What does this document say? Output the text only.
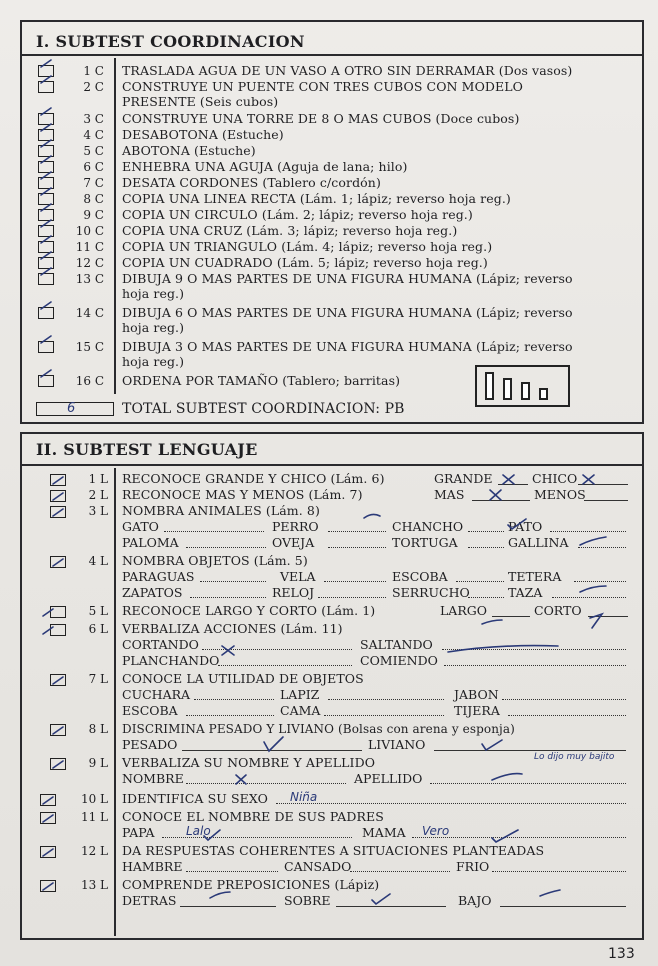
I. SUBTEST COORDINACION
1 C TRASLADA AGUA DE UN VASO A OTRO SIN DERRAMAR (Dos vasos)
2 C CONSTRUYE UN PUENTE CON TRES CUBOS CON MODELO
PRESENTE (Seis cubos)
3 C CONSTRUYE UNA TORRE DE 8 O MAS CUBOS (Doce cubos)
4 C DESABOTONA (Estuche)
5 C ABOTONA (Estuche)
6 C ENHEBRA UNA AGUJA (Aguja de lana; hilo)
7 C DESATA CORDONES (Tablero c/cordón)
8 C COPIA UNA LINEA RECTA (Lám. 1; lápiz; reverso hoja reg.)
9 C COPIA UN CIRCULO (Lám. 2; lápiz; reverso hoja reg.)
10 C COPIA UNA CRUZ (Lám. 3; lápiz; reverso hoja reg.)
11 C COPIA UN TRIANGULO (Lám. 4; lápiz; reverso hoja reg.)
12 C COPIA UN CUADRADO (Lám. 5; lápiz; reverso hoja reg.)
13 C DIBUJA 9 O MAS PARTES DE UNA FIGURA HUMANA (Lápiz; reverso
hoja reg.)
14 C DIBUJA 6 O MAS PARTES DE UNA FIGURA HUMANA (Lápiz; reverso
hoja reg.)
15 C DIBUJA 3 O MAS PARTES DE UNA FIGURA HUMANA (Lápiz; reverso
hoja reg.)
16 C ORDENA POR TAMAÑO (Tablero; barritas)
6	TOTAL SUBTEST COORDINACION: PB
II. SUBTEST LENGUAJE
1 L RECONOCE GRANDE Y CHICO (Lám. 6)	GRANDE	CHICO
2 L RECONOCE MAS Y MENOS (Lám. 7)	MAS	MENOS
3 L NOMBRA ANIMALES (Lám. 8)
GATO	PERRO	CHANCHO	PATO
PALOMA	OVEJA	TORTUGA	GALLINA
4 L NOMBRA OBJETOS (Lám. 5)
PARAGUAS	VELA	ESCOBA	TETERA
ZAPATOS	RELOJ	SERRUCHO	TAZA
5 L RECONOCE LARGO Y CORTO (Lám. 1)	LARGO	CORTO
6 L VERBALIZA ACCIONES (Lám. 11)
CORTANDO	SALTANDO
PLANCHANDO	COMIENDO
7 L CONOCE LA UTILIDAD DE OBJETOS
CUCHARA	LAPIZ	JABON
ESCOBA	CAMA	TIJERA
8 L DISCRIMINA PESADO Y LIVIANO (Bolsas con arena y esponja)
PESADO	LIVIANO
9 L VERBALIZA SU NOMBRE Y APELLIDO	Lo dijo muy bajito
NOMBRE	APELLIDO
10 L IDENTIFICA SU SEXO Niña
11 L CONOCE EL NOMBRE DE SUS PADRES
PAPA	Lalo	MAMA Vero
12 L DA RESPUESTAS COHERENTES A SITUACIONES PLANTEADAS
HAMBRE	CANSADO	FRIO
13 L COMPRENDE PREPOSICIONES (Lápiz)
DETRAS	SOBRE	BAJO
133
